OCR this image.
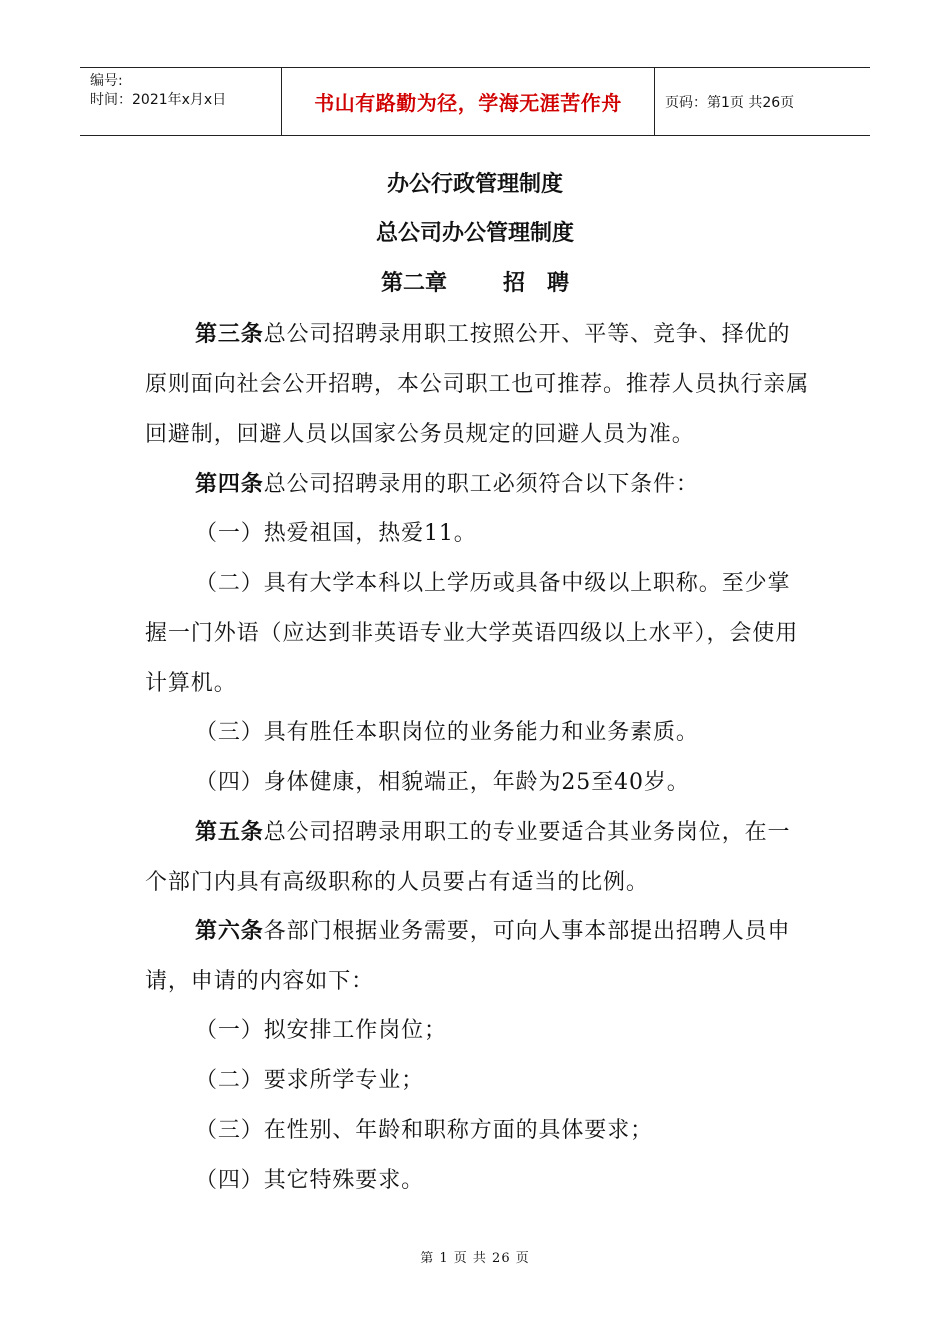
编号:
时间：2021年x月x日	书山有路勤为径，学海无涯苦作舟	页码：第1页 共26页
办公行政管理制度
总公司办公管理制度
第二章	招　聘

第三条总公司招聘录用职工按照公开、平等、竞争、择优的原则面向社会公开招聘，本公司职工也可推荐。推荐人员执行亲属回避制，回避人员以国家公务员规定的回避人员为准。

第四条总公司招聘录用的职工必须符合以下条件：

（一）热爱祖国，热爱11。

（二）具有大学本科以上学历或具备中级以上职称。至少掌握一门外语（应达到非英语专业大学英语四级以上水平），会使用计算机。

（三）具有胜任本职岗位的业务能力和业务素质。

（四）身体健康，相貌端正，年龄为25至40岁。

第五条总公司招聘录用职工的专业要适合其业务岗位，在一个部门内具有高级职称的人员要占有适当的比例。

第六条各部门根据业务需要，可向人事本部提出招聘人员申请，申请的内容如下：

（一）拟安排工作岗位；

（二）要求所学专业；

（三）在性别、年龄和职称方面的具体要求；

（四）其它特殊要求。

第 1 页 共 26 页
